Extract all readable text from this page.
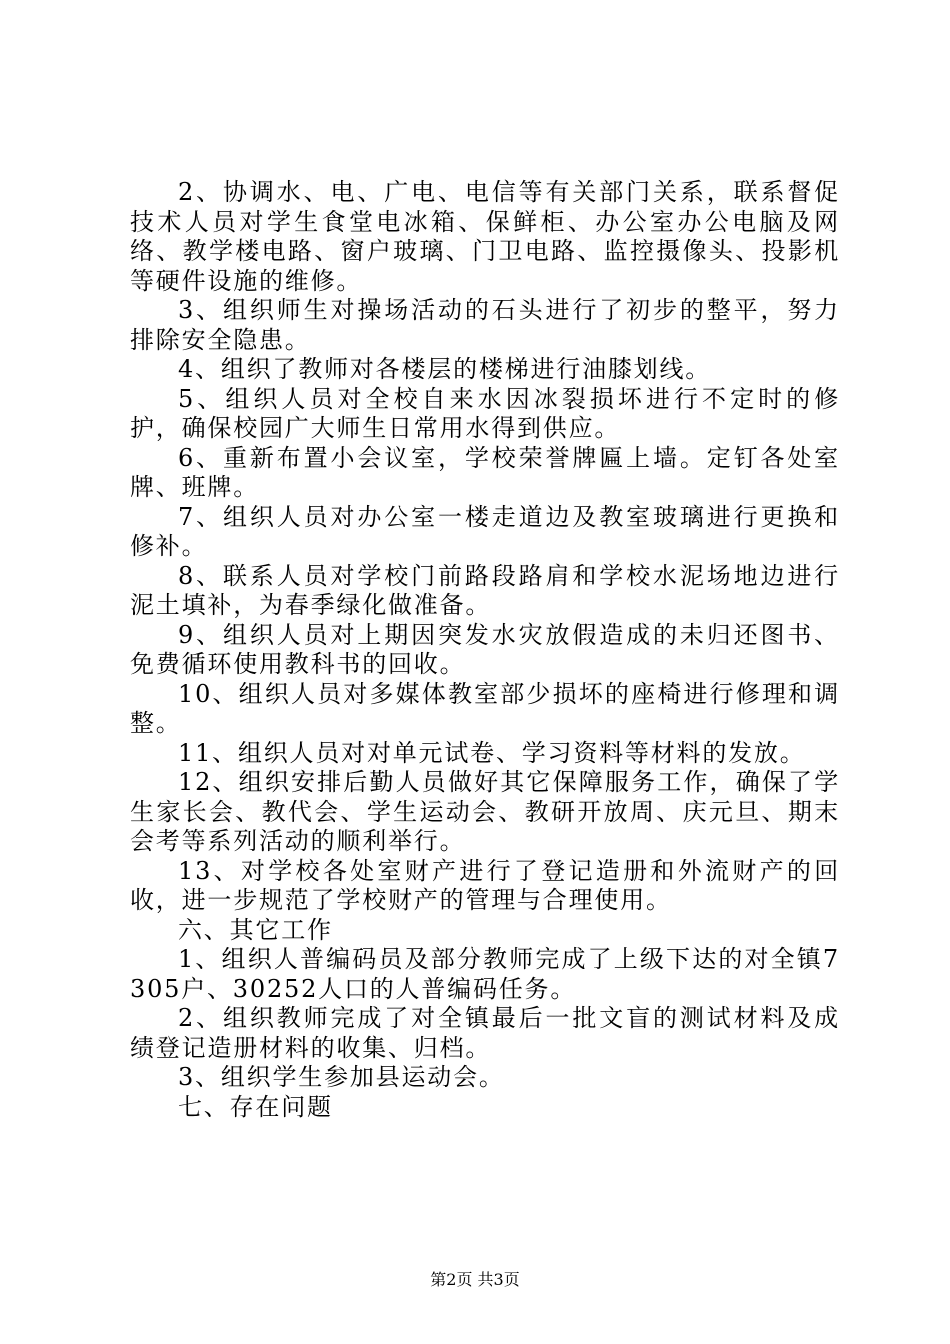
2、协调水、电、广电、电信等有关部门关系，联系督促技术人员对学生食堂电冰箱、保鲜柜、办公室办公电脑及网络、教学楼电路、窗户玻璃、门卫电路、监控摄像头、投影机等硬件设施的维修。

3、组织师生对操场活动的石头进行了初步的整平，努力排除安全隐患。

4、组织了教师对各楼层的楼梯进行油膝划线。

5、组织人员对全校自来水因冰裂损坏进行不定时的修护，确保校园广大师生日常用水得到供应。

6、重新布置小会议室，学校荣誉牌匾上墙。定钉各处室牌、班牌。

7、组织人员对办公室一楼走道边及教室玻璃进行更换和修补。

8、联系人员对学校门前路段路肩和学校水泥场地边进行泥土填补，为春季绿化做准备。

9、组织人员对上期因突发水灾放假造成的未归还图书、免费循环使用教科书的回收。

10、组织人员对多媒体教室部少损坏的座椅进行修理和调整。

11、组织人员对对单元试卷、学习资料等材料的发放。

12、组织安排后勤人员做好其它保障服务工作，确保了学生家长会、教代会、学生运动会、教研开放周、庆元旦、期末会考等系列活动的顺利举行。

13、对学校各处室财产进行了登记造册和外流财产的回收，进一步规范了学校财产的管理与合理使用。

六、其它工作

1、组织人普编码员及部分教师完成了上级下达的对全镇7305户、30252人口的人普编码任务。

2、组织教师完成了对全镇最后一批文盲的测试材料及成绩登记造册材料的收集、归档。

3、组织学生参加县运动会。

七、存在问题

第2页 共3页
